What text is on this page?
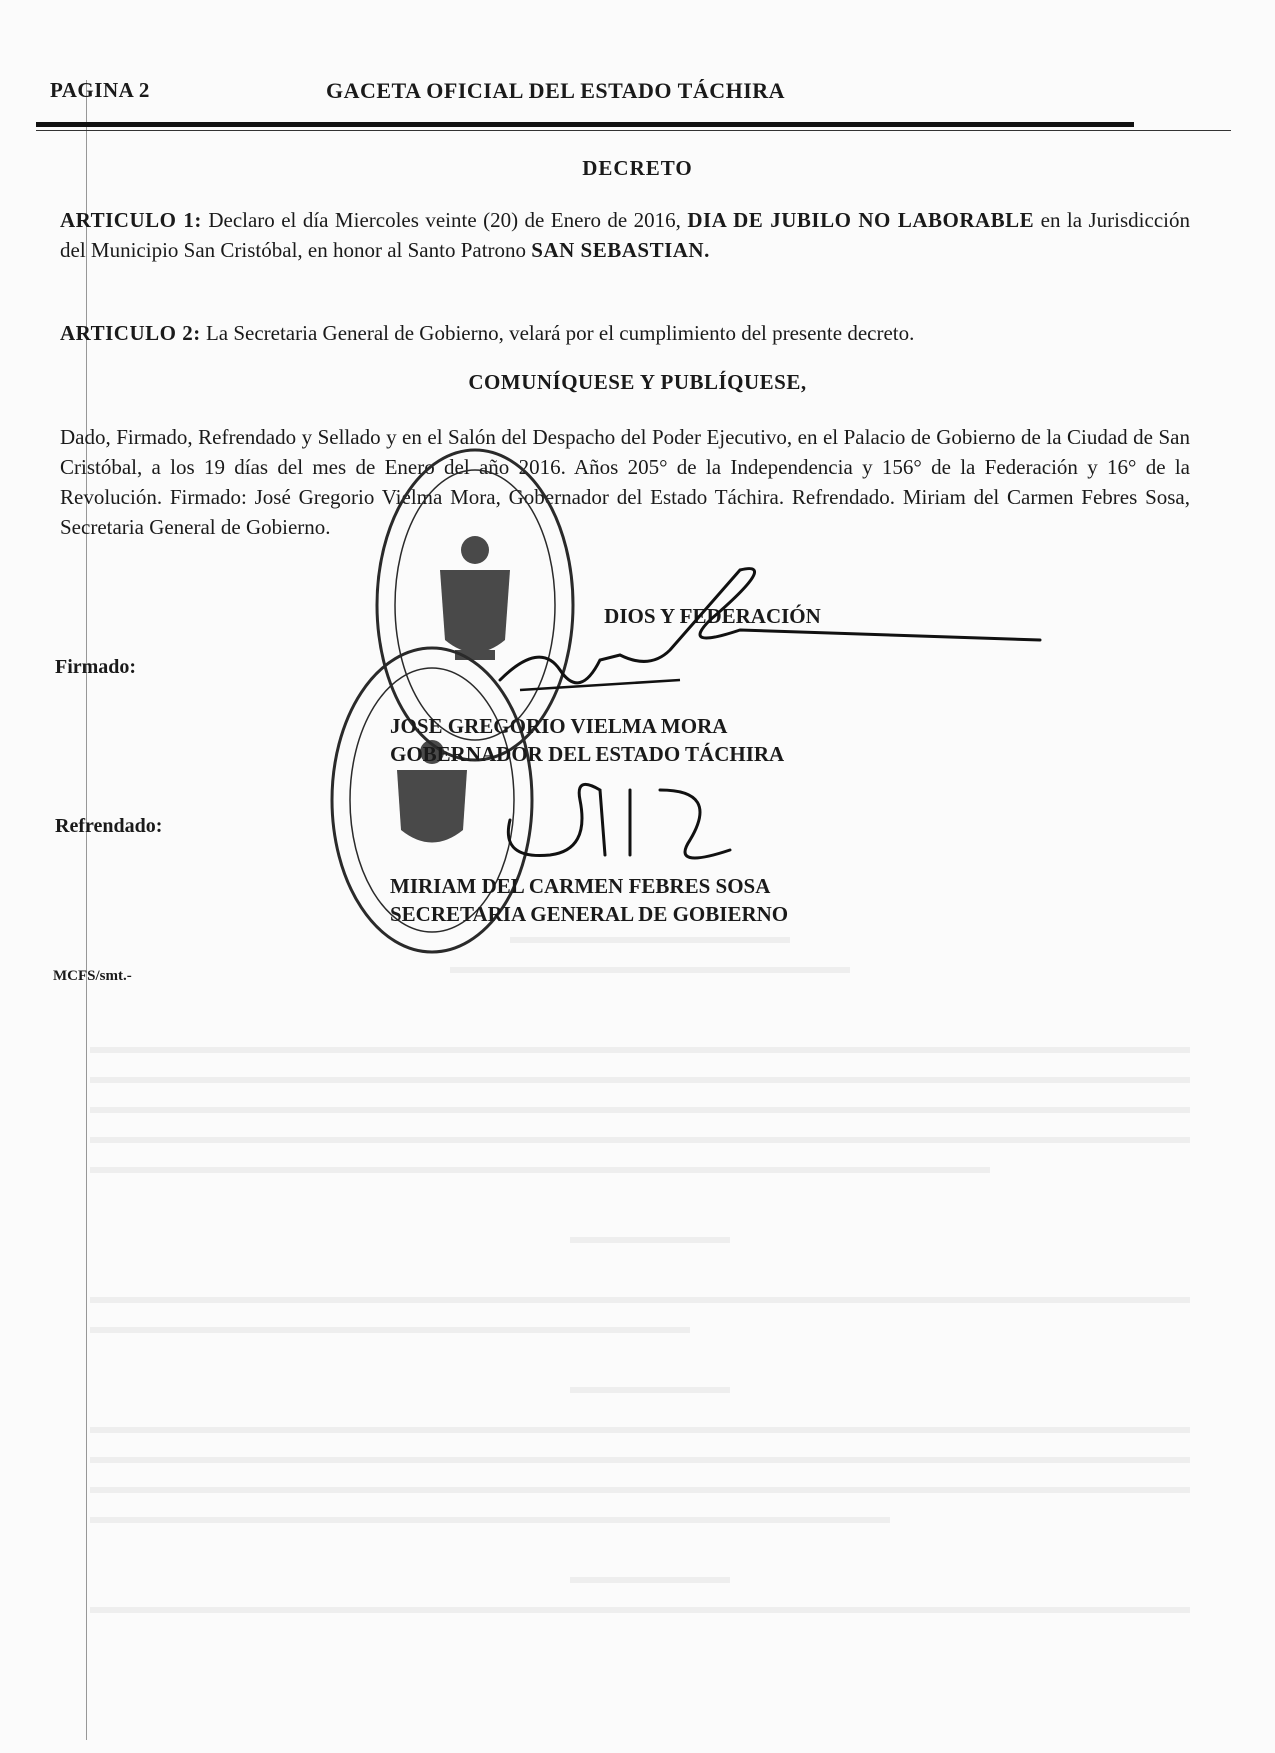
PAGINA 2	GACETA OFICIAL DEL ESTADO TÁCHIRA
DECRETO
ARTICULO 1: Declaro el día Miercoles veinte (20) de Enero de 2016, DIA DE JUBILO NO LABORABLE en la Jurisdicción del Municipio San Cristóbal, en honor al Santo Patrono SAN SEBASTIAN.
ARTICULO 2: La Secretaria General de Gobierno, velará por el cumplimiento del presente decreto.
COMUNÍQUESE Y PUBLÍQUESE,
Dado, Firmado, Refrendado y Sellado y en el Salón del Despacho del Poder Ejecutivo, en el Palacio de Gobierno de la Ciudad de San Cristóbal, a los 19 días del mes de Enero del año 2016. Años 205° de la Independencia y 156° de la Federación y 16° de la Revolución. Firmado: José Gregorio Vielma Mora, Gobernador del Estado Táchira. Refrendado. Miriam del Carmen Febres Sosa, Secretaria General de Gobierno.
DIOS Y FEDERACIÓN
Firmado:
JOSE GREGORIO VIELMA MORA
GOBERNADOR DEL ESTADO TÁCHIRA
Refrendado:
MIRIAM DEL CARMEN FEBRES SOSA
SECRETARIA GENERAL DE GOBIERNO
MCFS/smt.-
